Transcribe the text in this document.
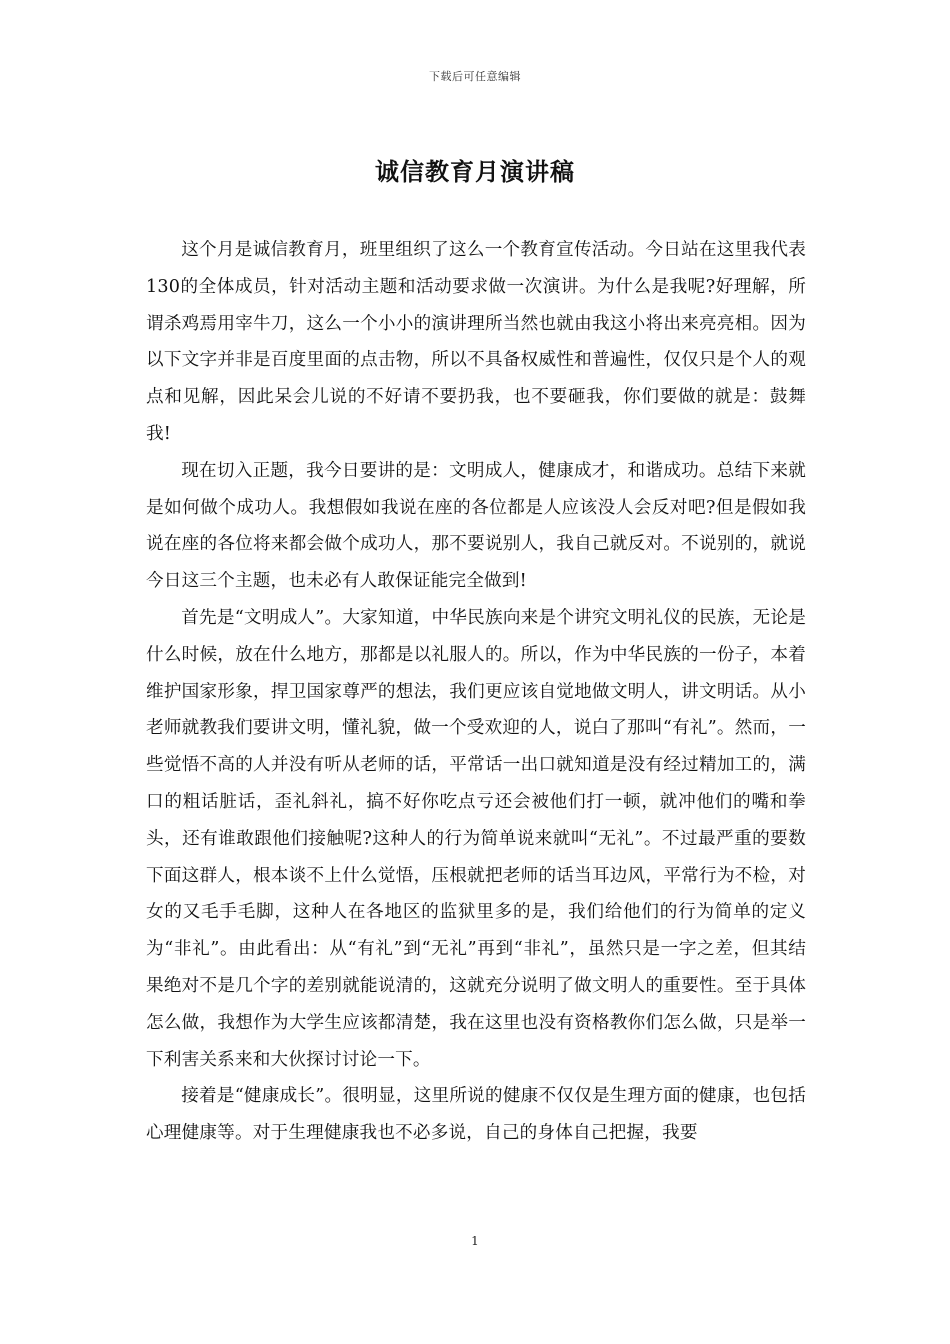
下载后可任意编辑
诚信教育月演讲稿

这个月是诚信教育月，班里组织了这么一个教育宣传活动。今日站在这里我代表130的全体成员，针对活动主题和活动要求做一次演讲。为什么是我呢?好理解，所谓杀鸡焉用宰牛刀，这么一个小小的演讲理所当然也就由我这小将出来亮亮相。因为以下文字并非是百度里面的点击物，所以不具备权威性和普遍性，仅仅只是个人的观点和见解，因此呆会儿说的不好请不要扔我，也不要砸我，你们要做的就是：鼓舞我!

现在切入正题，我今日要讲的是：文明成人，健康成才，和谐成功。总结下来就是如何做个成功人。我想假如我说在座的各位都是人应该没人会反对吧?但是假如我说在座的各位将来都会做个成功人，那不要说别人，我自己就反对。不说别的，就说今日这三个主题，也未必有人敢保证能完全做到!

首先是“文明成人”。大家知道，中华民族向来是个讲究文明礼仪的民族，无论是什么时候，放在什么地方，那都是以礼服人的。所以，作为中华民族的一份子，本着维护国家形象，捍卫国家尊严的想法，我们更应该自觉地做文明人，讲文明话。从小老师就教我们要讲文明，懂礼貌，做一个受欢迎的人，说白了那叫“有礼”。然而，一些觉悟不高的人并没有听从老师的话，平常话一出口就知道是没有经过精加工的，满口的粗话脏话，歪礼斜礼，搞不好你吃点亏还会被他们打一顿，就冲他们的嘴和拳头，还有谁敢跟他们接触呢?这种人的行为简单说来就叫“无礼”。不过最严重的要数下面这群人，根本谈不上什么觉悟，压根就把老师的话当耳边风，平常行为不检，对女的又毛手毛脚，这种人在各地区的监狱里多的是，我们给他们的行为简单的定义为“非礼”。由此看出：从“有礼”到“无礼”再到“非礼”，虽然只是一字之差，但其结果绝对不是几个字的差别就能说清的，这就充分说明了做文明人的重要性。至于具体怎么做，我想作为大学生应该都清楚，我在这里也没有资格教你们怎么做，只是举一下利害关系来和大伙探讨讨论一下。

接着是“健康成长”。很明显，这里所说的健康不仅仅是生理方面的健康，也包括心理健康等。对于生理健康我也不必多说，自己的身体自己把握，我要

1
